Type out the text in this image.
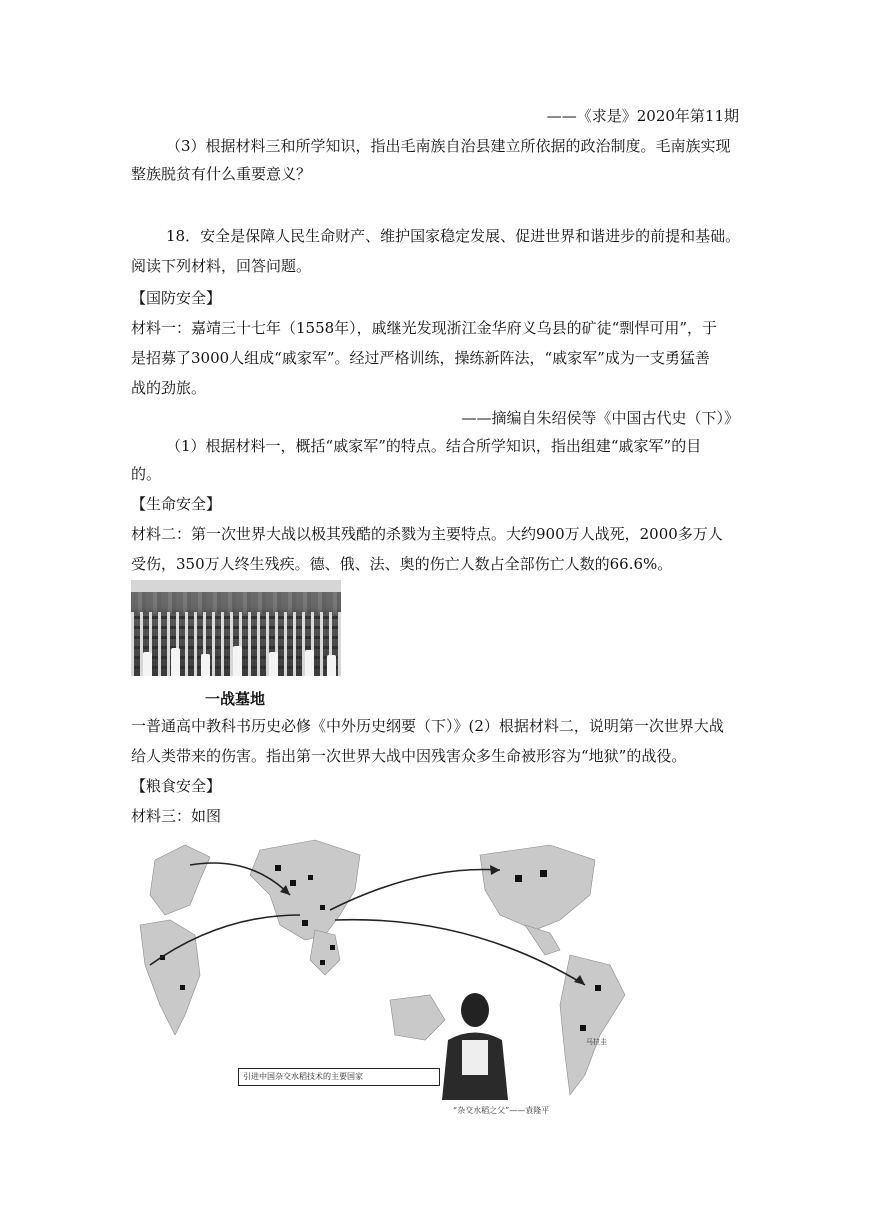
——《求是》2020年第11期
（3）根据材料三和所学知识，指出毛南族自治县建立所依据的政治制度。毛南族实现
整族脱贫有什么重要意义？
18．安全是保障人民生命财产、维护国家稳定发展、促进世界和谐进步的前提和基础。
阅读下列材料，回答问题。
【国防安全】
材料一：嘉靖三十七年（1558年），戚继光发现浙江金华府义乌县的矿徒“剽悍可用”，于
是招募了3000人组成“戚家军”。经过严格训练，操练新阵法，“戚家军”成为一支勇猛善
战的劲旅。
——摘编自朱绍侯等《中国古代史（下）》
（1）根据材料一，概括“戚家军”的特点。结合所学知识，指出组建“戚家军”的目
的。
【生命安全】
材料二：第一次世界大战以极其残酷的杀戮为主要特点。大约900万人战死，2000多万人
受伤，350万人终生残疾。德、俄、法、奥的伤亡人数占全部伤亡人数的66.6%。
一战墓地
一普通高中教科书历史必修《中外历史纲要（下）》(2）根据材料二，说明第一次世界大战
给人类带来的伤害。指出第一次世界大战中因残害众多生命被形容为“地狱”的战役。
【粮食安全】
材料三：如图
引进中国杂交水稻技术的主要国家
“杂交水稻之父”——袁隆平
马拉圭
